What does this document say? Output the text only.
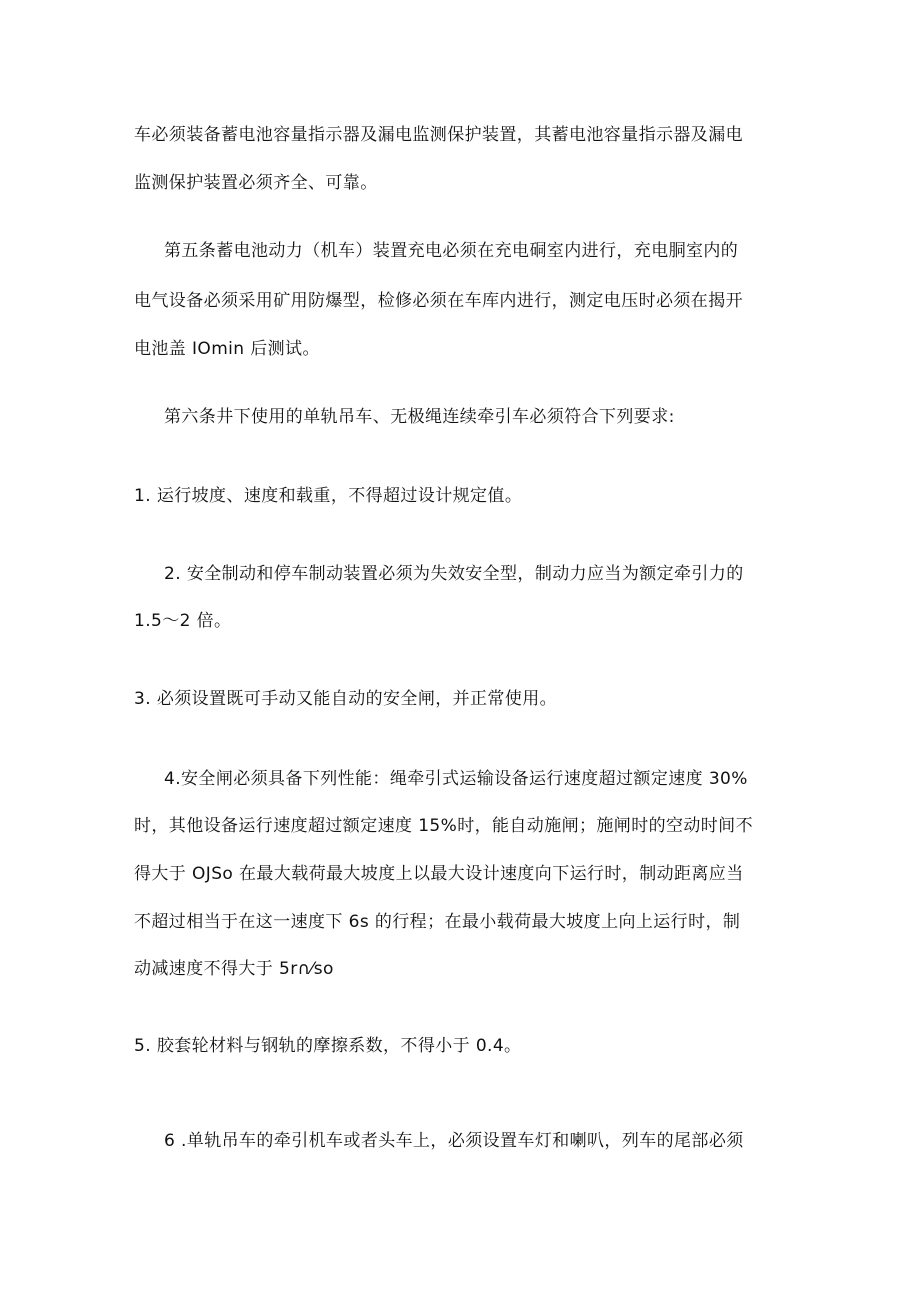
车必须装备蓄电池容量指示器及漏电监测保护装置，其蓄电池容量指示器及漏电
监测保护装置必须齐全、可靠。
第五条蓄电池动力（机车）装置充电必须在充电硐室内进行，充电胴室内的
电气设备必须采用矿用防爆型，检修必须在车库内进行，测定电压时必须在揭开
电池盖 IOmin 后测试。
第六条井下使用的单轨吊车、无极绳连续牵引车必须符合下列要求:
1. 运行坡度、速度和载重，不得超过设计规定值。
2. 安全制动和停车制动装置必须为失效安全型，制动力应当为额定牵引力的
1.5～2 倍。
3. 必须设置既可手动又能自动的安全闸，并正常使用。
4.安全闸必须具备下列性能：绳牵引式运输设备运行速度超过额定速度 30%
时，其他设备运行速度超过额定速度 15%时，能自动施闸；施闸时的空动时间不
得大于 OJSo 在最大载荷最大坡度上以最大设计速度向下运行时，制动距离应当
不超过相当于在这一速度下 6s 的行程；在最小载荷最大坡度上向上运行时，制
动减速度不得大于 5r∩⁄so
5. 胶套轮材料与钢轨的摩擦系数，不得小于 0.4。
6 .单轨吊车的牵引机车或者头车上，必须设置车灯和喇叭，列车的尾部必须
